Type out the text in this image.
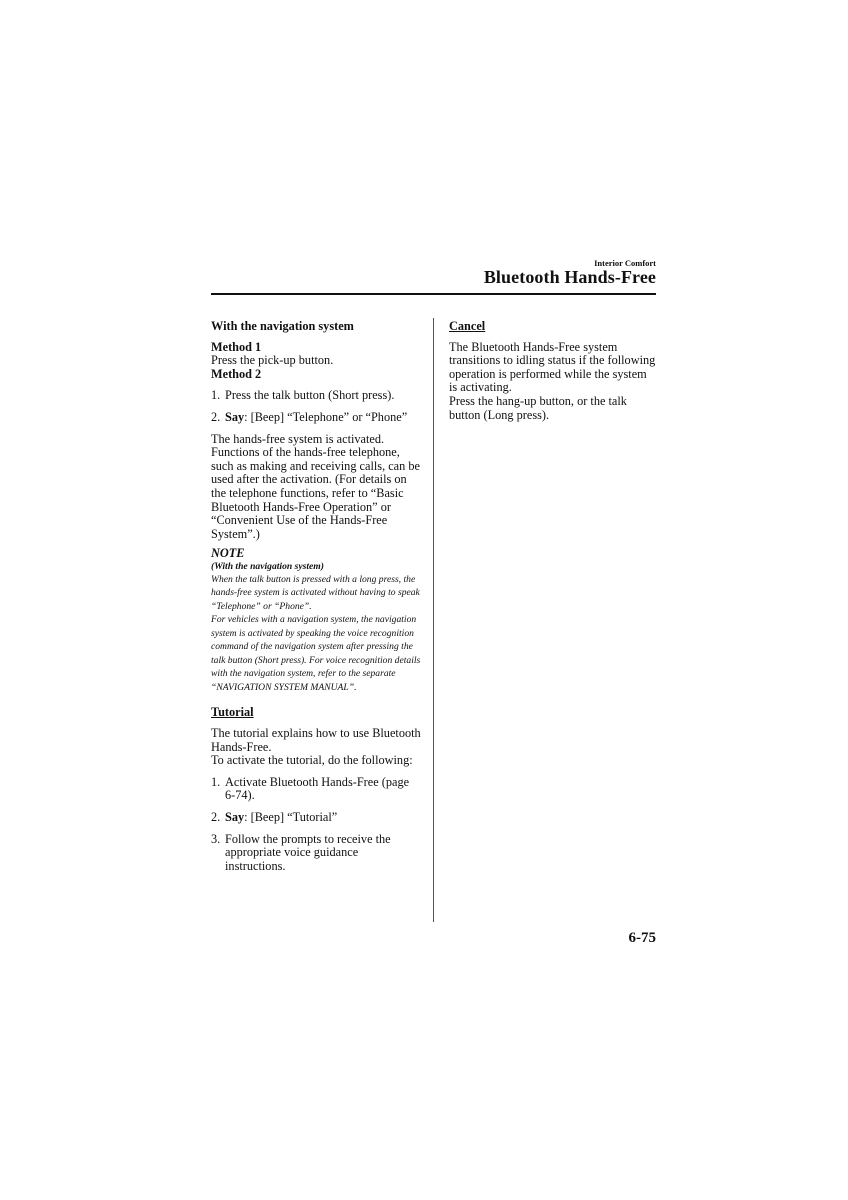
Interior Comfort
Bluetooth Hands-Free

With the navigation system

Method 1

Press the pick-up button.

Method 2

1. Press the talk button (Short press).
2. Say: [Beep] “Telephone” or “Phone”

The hands-free system is activated. Functions of the hands-free telephone, such as making and receiving calls, can be used after the activation. (For details on the telephone functions, refer to “Basic Bluetooth Hands-Free Operation” or “Convenient Use of the Hands-Free System”.)

NOTE

(With the navigation system)

When the talk button is pressed with a long press, the hands-free system is activated without having to speak “Telephone” or “Phone”.

For vehicles with a navigation system, the navigation system is activated by speaking the voice recognition command of the navigation system after pressing the talk button (Short press). For voice recognition details with the navigation system, refer to the separate “NAVIGATION SYSTEM MANUAL”.

Tutorial

The tutorial explains how to use Bluetooth Hands-Free.

To activate the tutorial, do the following:

1. Activate Bluetooth Hands-Free (page 6-74).
2. Say: [Beep] “Tutorial”
3. Follow the prompts to receive the appropriate voice guidance instructions.

Cancel

The Bluetooth Hands-Free system transitions to idling status if the following operation is performed while the system is activating.

Press the hang-up button, or the talk button (Long press).

6-75
